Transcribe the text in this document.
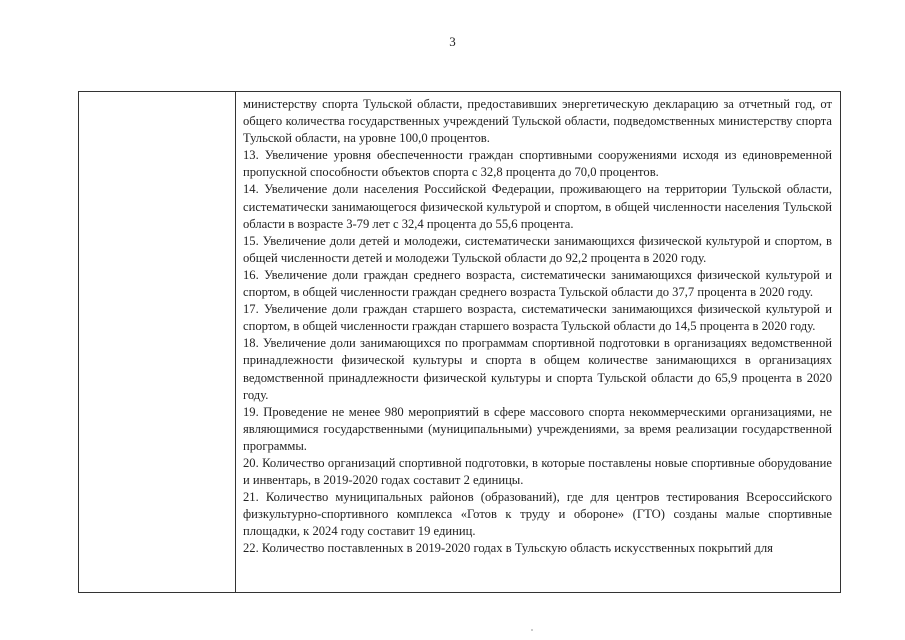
3

министерству спорта Тульской области, предоставивших энергетическую декларацию за отчетный год, от общего количества государственных учреждений Тульской области, подведомственных министерству спорта Тульской области, на уровне 100,0 процентов.

13. Увеличение уровня обеспеченности граждан спортивными сооружениями исходя из единовременной пропускной способности объектов спорта с 32,8 процента до 70,0 процентов.

14. Увеличение доли населения Российской Федерации, проживающего на территории Тульской области, систематически занимающегося физической культурой и спортом, в общей численности населения Тульской области в возрасте 3-79 лет с 32,4 процента до 55,6 процента.

15. Увеличение доли детей и молодежи, систематически занимающихся физической культурой и спортом, в общей численности детей и молодежи Тульской области до 92,2 процента в 2020 году.

16. Увеличение доли граждан среднего возраста, систематически занимающихся физической культурой и спортом, в общей численности граждан среднего возраста Тульской области до 37,7 процента в 2020 году.

17. Увеличение доли граждан старшего возраста, систематически занимающихся физической культурой и спортом, в общей численности граждан старшего возраста Тульской области до 14,5 процента в 2020 году.

18. Увеличение доли занимающихся по программам спортивной подготовки в организациях ведомственной принадлежности физической культуры и спорта в общем количестве занимающихся в организациях ведомственной принадлежности физической культуры и спорта Тульской области до 65,9 процента в 2020 году.

19. Проведение не менее 980 мероприятий в сфере массового спорта некоммерческими организациями, не являющимися государственными (муниципальными) учреждениями, за время реализации государственной программы.

20. Количество организаций спортивной подготовки, в которые поставлены новые спортивные оборудование и инвентарь, в 2019-2020 годах составит 2 единицы.

21. Количество муниципальных районов (образований), где для центров тестирования Всероссийского физкультурно-спортивного комплекса «Готов к труду и обороне» (ГТО) созданы малые спортивные площадки, к 2024 году составит 19 единиц.

22. Количество поставленных в 2019-2020 годах в Тульскую область искусственных покрытий для
